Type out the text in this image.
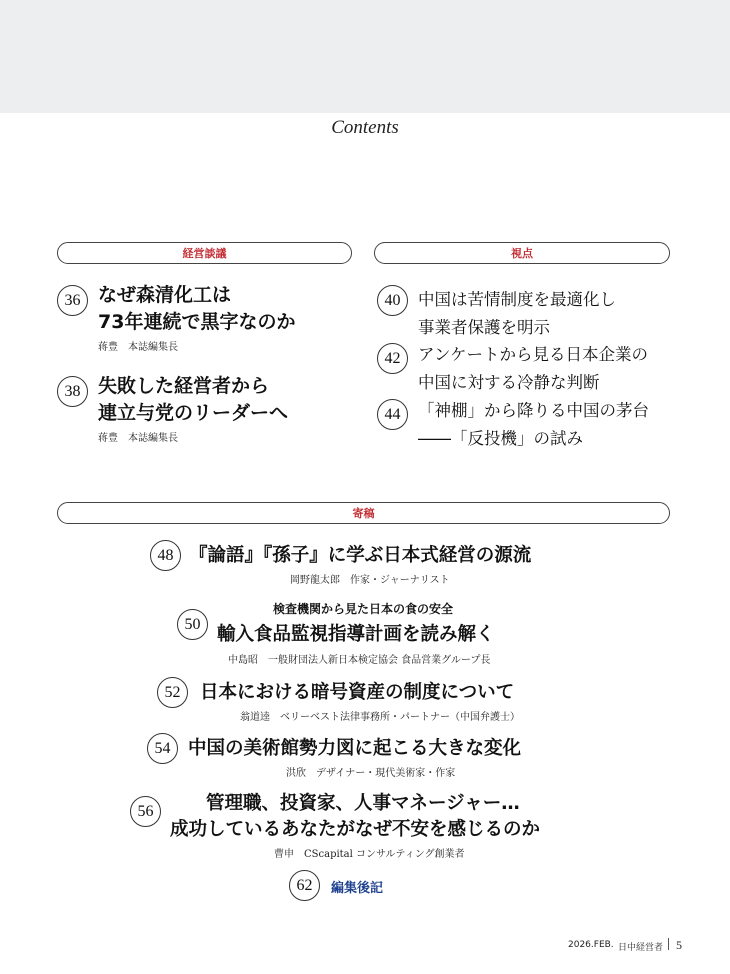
Contents
経営談議	視点
寄稿
36 なぜ森清化工は
73年連続で黒字なのか
蒋豊　本誌編集長
38 失敗した経営者から
連立与党のリーダーへ
蒋豊　本誌編集長
40	中国は苦情制度を最適化し
事業者保護を明示
42	アンケートから見る日本企業の
中国に対する冷静な判断
44	「神棚」から降りる中国の茅台
――「反投機」の試み
48 『論語』『孫子』に学ぶ日本式経営の源流
岡野龍太郎　作家・ジャーナリスト
検査機関から見た日本の食の安全
50 輸入食品監視指導計画を読み解く
中島昭　一般財団法人新日本検定協会 食品営業グループ長
52	日本における暗号資産の制度について
翁道逵　ベリーベスト法律事務所・パートナー（中国弁護士）
54 中国の美術館勢力図に起こる大きな変化
洪欣　デザイナー・現代美術家・作家
56	管理職、投資家、人事マネージャー…
成功しているあなたがなぜ不安を感じるのか
曹申　CScapital コンサルティング創業者
62	編集後記
2026.FEB. 日中経営者 5
